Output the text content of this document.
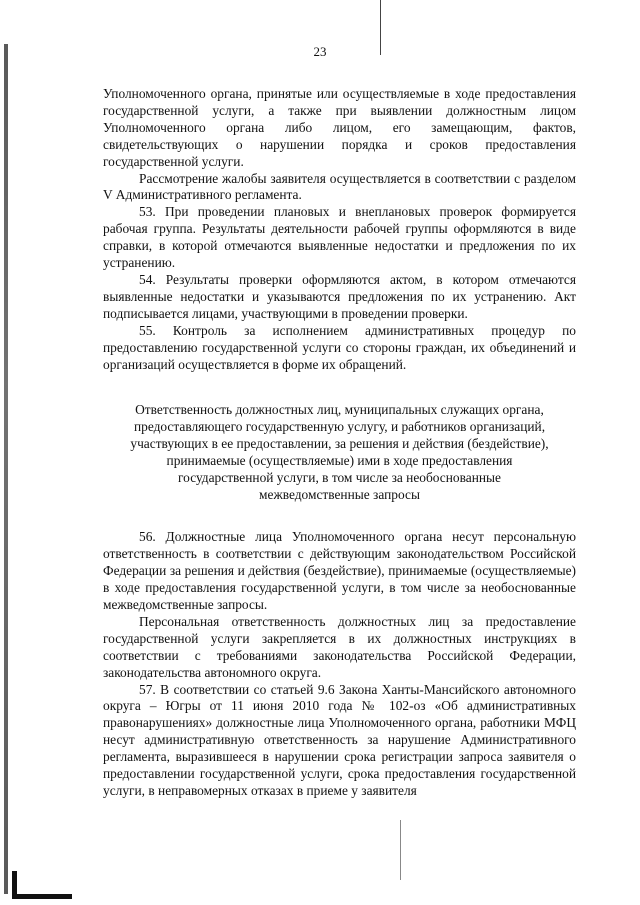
23

Уполномоченного органа, принятые или осуществляемые в ходе предоставления государственной услуги, а также при выявлении должностным лицом Уполномоченного органа либо лицом, его замещающим, фактов, свидетельствующих о нарушении порядка и сроков предоставления государственной услуги.

Рассмотрение жалобы заявителя осуществляется в соответствии с разделом V Административного регламента.

53. При проведении плановых и внеплановых проверок формируется рабочая группа. Результаты деятельности рабочей группы оформляются в виде справки, в которой отмечаются выявленные недостатки и предложения по их устранению.

54. Результаты проверки оформляются актом, в котором отмечаются выявленные недостатки и указываются предложения по их устранению. Акт подписывается лицами, участвующими в проведении проверки.

55. Контроль за исполнением административных процедур по предоставлению государственной услуги со стороны граждан, их объединений и организаций осуществляется в форме их обращений.

Ответственность должностных лиц, муниципальных служащих органа,
предоставляющего государственную услугу, и работников организаций,
участвующих в ее предоставлении, за решения и действия (бездействие),
принимаемые (осуществляемые) ими в ходе предоставления
государственной услуги, в том числе за необоснованные
межведомственные запросы

56. Должностные лица Уполномоченного органа несут персональную ответственность в соответствии с действующим законодательством Российской Федерации за решения и действия (бездействие), принимаемые (осуществляемые) в ходе предоставления государственной услуги, в том числе за необоснованные межведомственные запросы.

Персональная ответственность должностных лиц за предоставление государственной услуги закрепляется в их должностных инструкциях в соответствии с требованиями законодательства Российской Федерации, законодательства автономного округа.

57. В соответствии со статьей 9.6 Закона Ханты-Мансийского автономного округа – Югры от 11 июня 2010 года № 102-оз «Об административных правонарушениях» должностные лица Уполномоченного органа, работники МФЦ несут административную ответственность за нарушение Административного регламента, выразившееся в нарушении срока регистрации запроса заявителя о предоставлении государственной услуги, срока предоставления государственной услуги, в неправомерных отказах в приеме у заявителя
